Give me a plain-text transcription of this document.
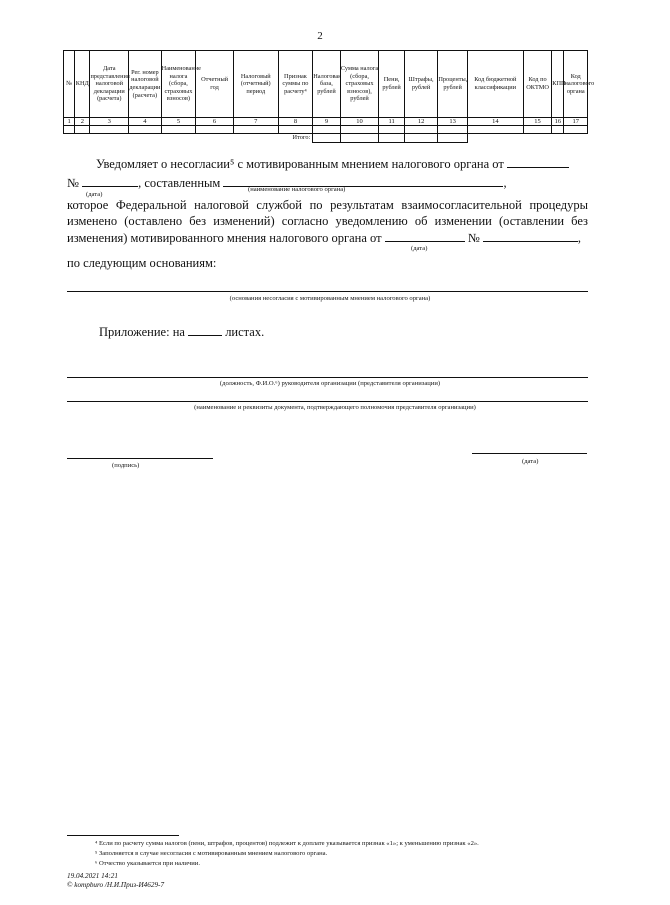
2
№	КНД	Дата представления налоговой декларации (расчета)	Рег. номер налоговой декларации (расчета)	Наименование налога (сбора, страховых взносов)	Отчетный год	Налоговый (отчетный) период	Признак суммы по расчету⁴	Налоговая база, рублей	Сумма налога (сбора, страховых взносов), рублей	Пени, рублей	Штрафы, рублей	Проценты, рублей	Код бюджетной классификации	Код по ОКТМО	КПП	Код налогового органа
1	2	3	4	5	6	7	8	9	10	11	12	13	14	15	16	17

						Итого:										
Уведомляет о несогласии⁵ с мотивированным мнением налогового органа от
№	, составленным	,
(дата)
(наименование налогового органа)
которое Федеральной налоговой службой по результатам взаимосогласительной процедуры
изменено (оставлено без изменений) согласно уведомлению об изменении (оставлении без
изменения) мотивированного мнения налогового органа от	№	,
(дата)
по следующим основаниям:
(основания несогласия с мотивированным мнением налогового органа)
Приложение: на	листах.
(должность, Ф.И.О.⁶) руководителя организации (представителя организации)
(наименование и реквизиты документа, подтверждающего полномочия представителя организации)
(подпись)
(дата)
⁴ Если по расчету сумма налогов (пени, штрафов, процентов) подлежит к доплате указывается признак «1»; к уменьшению признак «2».
⁵ Заполняется в случае несогласия с мотивированным мнением налогового органа.
⁶ Отчество указывается при наличии.
19.04.2021 14:21
© kompburo /Н.И.Приз-И4629-7
